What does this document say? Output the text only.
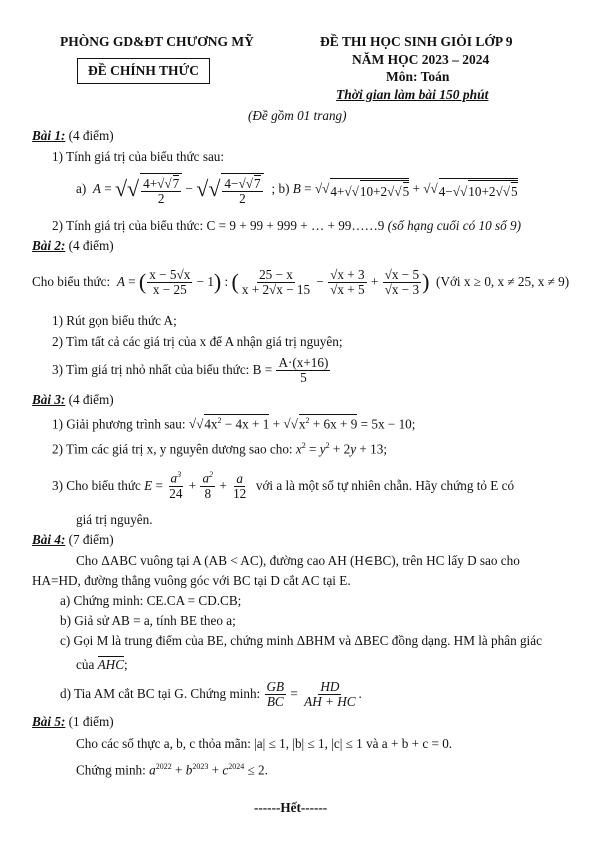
PHÒNG GD&ĐT CHƯƠNG MỸ
ĐỀ CHÍNH THỨC
ĐỀ THI HỌC SINH GIỎI LỚP 9
NĂM HỌC 2023 – 2024
Môn: Toán
Thời gian làm bài 150 phút
(Đề gồm 01 trang)
Bài 1: (4 điểm)
1) Tính giá trị của biểu thức sau:
a)
A = √ √ $\frac{4+ √ √7}{2}$ − √ √ $\frac{4- √ √7}{2}$ ; b)
B = √ √ 4+ √ √10+2 √ √5 + √ √ 4− √ √10+2 √ √5
2) Tính giá trị của biểu thức: C = 9 + 99 + 999 + … + 99……9 (số hạng cuối có 10 số 9)
Bài 2: (4 điểm)
Cho biểu thức:
A = ( $\frac{x - 5√x}{x - 25} - 1$ ) : ( $\frac{25 - x}{x + 2√x - 15} - \frac{√x + 3}{√x + 5} + \frac{√x - 5}{√x - 3}$ )
(Với x ≥ 0, x ≠ 25, x ≠ 9)
1) Rút gọn biểu thức A;
2) Tìm tất cả các giá trị của x để A nhận giá trị nguyên;
3) Tìm giá trị nhỏ nhất của biểu thức: B =
$\frac{A\cdot(x+16)}{5}$
Bài 3: (4 điểm)
1) Giải phương trình sau: √ $√4x^2 - 4x + 1$ + √ $√x^2 + 6x + 9 = 5x - 10$;
2) Tìm các giá trị x, y nguyên dương sao cho: $x^2 = y^2 + 2y + 13$;
3) Cho biểu thức
$E = \frac{a^3}{24} + \frac{a^2}{8} + \frac{a}{12}$
với a là một số tự nhiên chẵn. Hãy chứng tỏ E có
giá trị nguyên.
Bài 4: (7 điểm)
Cho ΔABC vuông tại A (AB < AC), đường cao AH (H∈BC), trên HC lấy D sao cho
HA=HD, đường thẳng vuông góc với BC tại D cắt AC tại E.
a) Chứng minh: CE.CA = CD.CB;
b) Giả sử AB = a, tính BE theo a;
c) Gọi M là trung điểm của BE, chứng minh ΔBHM và ΔBEC đồng dạng. HM là phân giác
của AHC;
d) Tia AM cắt BC tại G. Chứng minh:
$\frac{GB}{BC} = \frac{HD}{AH + HC}$ .
Bài 5: (1 điểm)
Cho các số thực a, b, c thỏa mãn: |a| ≤ 1, |b| ≤ 1, |c| ≤ 1 và a + b + c = 0.
Chứng minh: $a^{2022} + b^{2023} + c^{2024} \le 2$.
------Hết------
